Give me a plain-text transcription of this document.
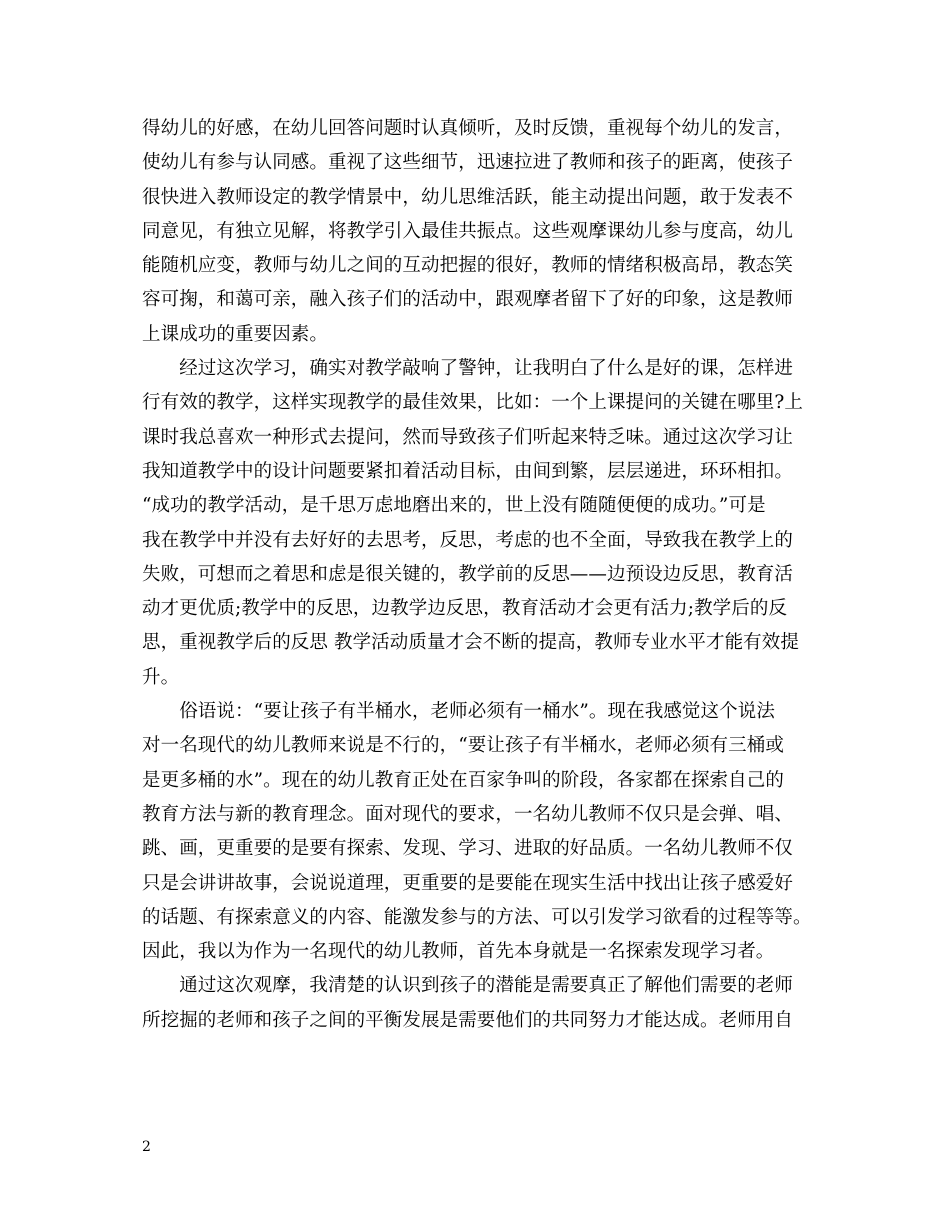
得幼儿的好感，在幼儿回答问题时认真倾听，及时反馈，重视每个幼儿的发言，
使幼儿有参与认同感。重视了这些细节，迅速拉进了教师和孩子的距离，使孩子
很快进入教师设定的教学情景中，幼儿思维活跃，能主动提出问题，敢于发表不
同意见，有独立见解，将教学引入最佳共振点。这些观摩课幼儿参与度高，幼儿
能随机应变，教师与幼儿之间的互动把握的很好，教师的情绪积极高昂，教态笑
容可掬，和蔼可亲，融入孩子们的活动中，跟观摩者留下了好的印象，这是教师
上课成功的重要因素。
　　经过这次学习，确实对教学敲响了警钟，让我明白了什么是好的课，怎样进
行有效的教学，这样实现教学的最佳效果，比如：一个上课提问的关键在哪里?上
课时我总喜欢一种形式去提问，然而导致孩子们听起来特乏味。通过这次学习让
我知道教学中的设计问题要紧扣着活动目标，由间到繁，层层递进，环环相扣。
“成功的教学活动，是千思万虑地磨出来的，世上没有随随便便的成功。”可是
我在教学中并没有去好好的去思考，反思，考虑的也不全面，导致我在教学上的
失败，可想而之着思和虑是很关键的，教学前的反思——边预设边反思，教育活
动才更优质;教学中的反思，边教学边反思，教育活动才会更有活力;教学后的反
思，重视教学后的反思 教学活动质量才会不断的提高，教师专业水平才能有效提
升。
　　俗语说：“要让孩子有半桶水，老师必须有一桶水”。现在我感觉这个说法
对一名现代的幼儿教师来说是不行的，“要让孩子有半桶水，老师必须有三桶或
是更多桶的水”。现在的幼儿教育正处在百家争叫的阶段，各家都在探索自己的
教育方法与新的教育理念。面对现代的要求，一名幼儿教师不仅只是会弹、唱、
跳、画，更重要的是要有探索、发现、学习、进取的好品质。一名幼儿教师不仅
只是会讲讲故事，会说说道理，更重要的是要能在现实生活中找出让孩子感爱好
的话题、有探索意义的内容、能激发参与的方法、可以引发学习欲看的过程等等。
因此，我以为作为一名现代的幼儿教师，首先本身就是一名探索发现学习者。
　　通过这次观摩，我清楚的认识到孩子的潜能是需要真正了解他们需要的老师
所挖掘的老师和孩子之间的平衡发展是需要他们的共同努力才能达成。老师用自
2
